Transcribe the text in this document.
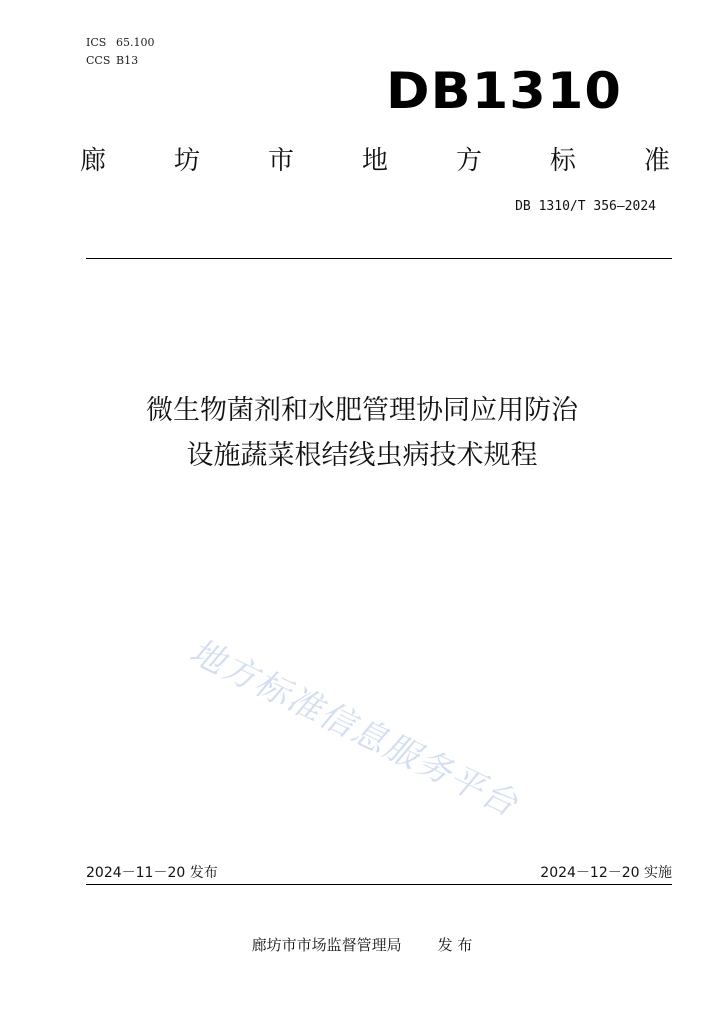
ICS 65.100
CCS B13
DB1310
廊	坊	市	地	方	标	准
DB 1310/T 356—2024
微生物菌剂和水肥管理协同应用防治
设施蔬菜根结线虫病技术规程
地方标准信息服务平台
2024－11－20 发布	2024－12－20 实施
廊坊市市场监督管理局 发 布
